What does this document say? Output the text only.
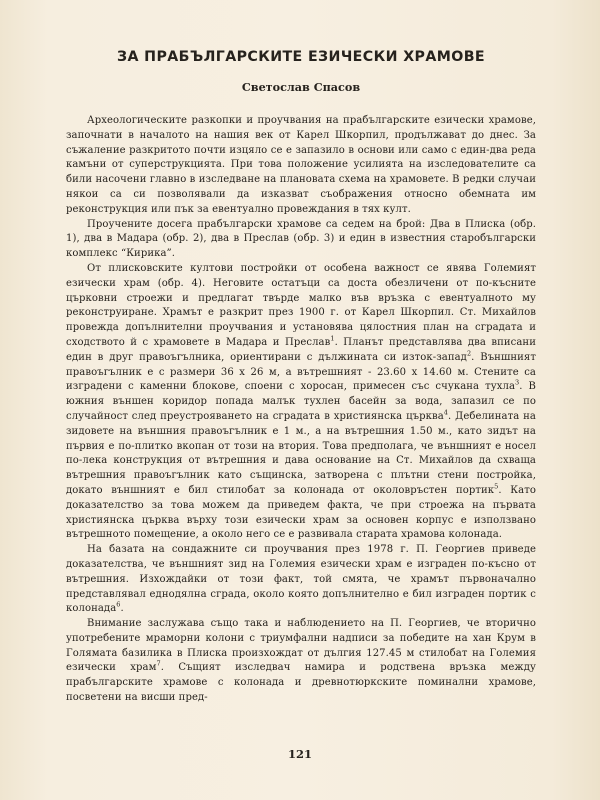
ЗА ПРАБЪЛГАРСКИТЕ ЕЗИЧЕСКИ ХРАМОВЕ
Светослав Спасов

Археологическите разкопки и проучвания на прабългарските езически храмове, започнати в началото на нашия век от Карел Шкорпил, продължават до днес. За съжаление разкритото почти изцяло се е запазило в основи или само с един-два реда камъни от суперструкцията. При това положение усилията на изследователите са били насочени главно в изследване на плановата схема на храмовете. В редки случаи някои са си позволявали да изказват съображения относно обемната им реконструкция или пък за евентуално провеждания в тях култ.

Проучените досега прабългарски храмове са седем на брой: Два в Плиска (обр. 1), два в Мадара (обр. 2), два в Преслав (обр. 3) и един в известния старобългарски комплекс “Кирика”.

От плисковските култови постройки от особена важност се явява Големият езически храм (обр. 4). Неговите остатъци са доста обезличени от по-късните църковни строежи и предлагат твърде малко във връзка с евентуалното му реконструиране. Храмът е разкрит през 1900 г. от Карел Шкорпил. Ст. Михайлов провежда допълнителни проучвания и установява цялостния план на сградата и сходството й с храмовете в Мадара и Преслав$^1$. Планът представлява два вписани един в друг правоъгълника, ориентирани с дължината си изток-запад$^2$. Външният правоъгълник е с размери 36 х 26 м, а вътрешният - 23.60 х 14.60 м. Стените са изградени с каменни блокове, споени с хоросан, примесен със счукана тухла$^3$. В южния външен коридор попада малък тухлен басейн за вода, запазил се по случайност след преустрояването на сградата в християнска църква$^4$. Дебелината на зидовете на външния правоъгълник е 1 м., а на вътрешния 1.50 м., като зидът на първия е по-плитко вкопан от този на втория. Това предполага, че външният е носел по-лека конструкция от вътрешния и дава основание на Ст. Михайлов да схваща вътрешния правоъгълник като същинска, затворена с плътни стени постройка, докато външният е бил стилобат за колонада от околовръстен портик$^5$. Като доказателство за това можем да приведем факта, че при строежа на първата християнска църква върху този езически храм за основен корпус е използвано вътрешното помещение, а около него се е развивала старата храмова колонада.

На базата на сондажните си проучвания през 1978 г. П. Георгиев приведе доказателства, че външният зид на Големия езически храм е изграден по-късно от вътрешния. Изхождайки от този факт, той смята, че храмът първоначално представлявал еднодялна сграда, около която допълнително е бил изграден портик с колонада$^6$.

Внимание заслужава също така и наблюдението на П. Георгиев, че вторично употребените мраморни колони с триумфални надписи за победите на хан Крум в Голямата базилика в Плиска произхождат от дългия 127.45 м стилобат на Големия езически храм$^7$. Същият изследвач намира и родствена връзка между прабългарските храмове с колонада и древнотюркските поминални храмове, посветени на висши пред-

121
